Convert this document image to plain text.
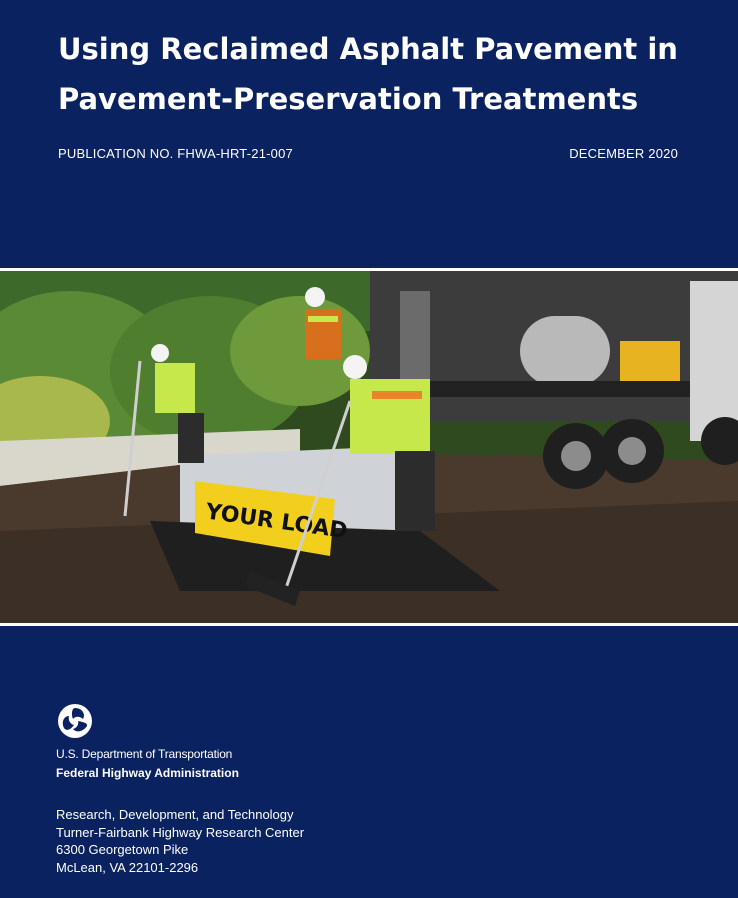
Using Reclaimed Asphalt Pavement in
Pavement-Preservation Treatments
PUBLICATION NO. FHWA-HRT-21-007	DECEMBER 2020
YOUR LOAD
U.S. Department of Transportation
Federal Highway Administration
Research, Development, and Technology
Turner-Fairbank Highway Research Center
6300 Georgetown Pike
McLean, VA 22101-2296
